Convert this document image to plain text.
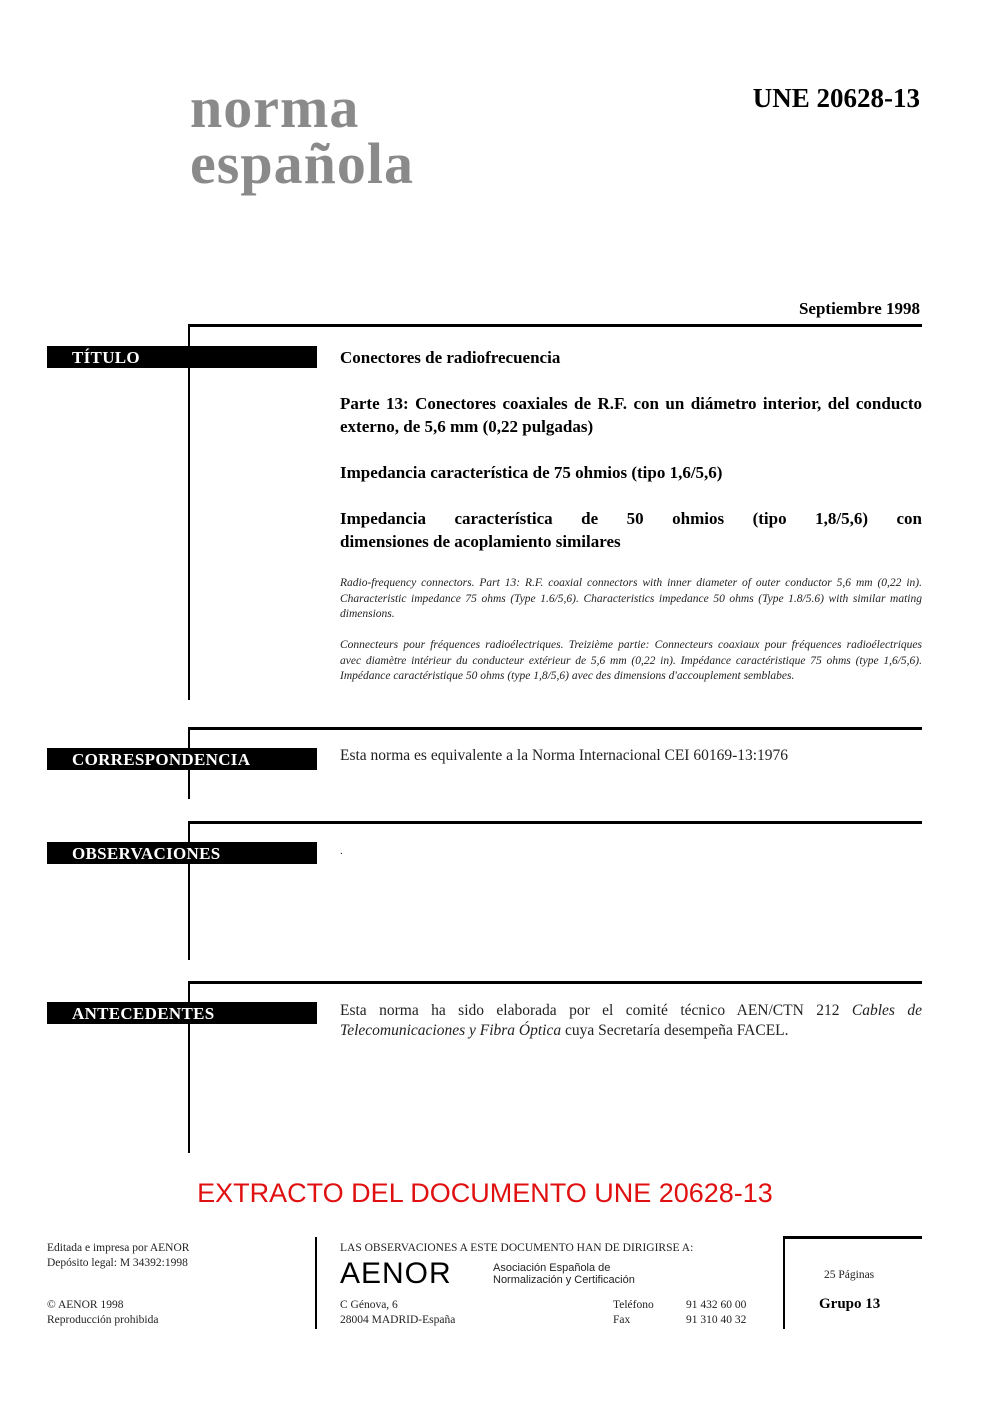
norma
española
UNE 20628-13
Septiembre 1998
TÍTULO	Conectores de radiofrecuencia
Parte 13: Conectores coaxiales de R.F. con un diámetro interior, del conducto externo, de 5,6 mm (0,22 pulgadas)
Impedancia característica de 75 ohmios (tipo 1,6/5,6)
Impedancia característica de 50 ohmios (tipo 1,8/5,6) con
dimensiones de acoplamiento similares
Radio-frequency connectors. Part 13: R.F. coaxial connectors with inner diameter of outer conductor 5,6 mm (0,22 in). Characteristic impedance 75 ohms (Type 1.6/5,6). Characteristics impedance 50 ohms (Type 1.8/5.6) with similar mating dimensions.
Connecteurs pour fréquences radioélectriques. Treizième partie: Connecteurs coaxiaux pour fréquences radioélectriques avec diamètre intérieur du conducteur extérieur de 5,6 mm (0,22 in). Impédance caractéristique 75 ohms (type 1,6/5,6). Impédance caractéristique 50 ohms (type 1,8/5,6) avec des dimensions d'accouplement semblabes.
CORRESPONDENCIA	Esta norma es equivalente a la Norma Internacional CEI 60169-13:1976
OBSERVACIONES	.
ANTECEDENTES	Esta norma ha sido elaborada por el comité técnico AEN/CTN 212 Cables de Telecomunicaciones y Fibra Óptica cuya Secretaría desempeña FACEL.
EXTRACTO DEL DOCUMENTO UNE 20628-13
Editada e impresa por AENOR
Depósito legal: M 34392:1998
© AENOR 1998
Reproducción prohibida
LAS OBSERVACIONES A ESTE DOCUMENTO HAN DE DIRIGIRSE A:
AENOR	Asociación Española de
Normalización y Certificación
C Génova, 6
28004 MADRID-España
Teléfono	91 432 60 00
Fax	91 310 40 32
25 Páginas
Grupo 13
